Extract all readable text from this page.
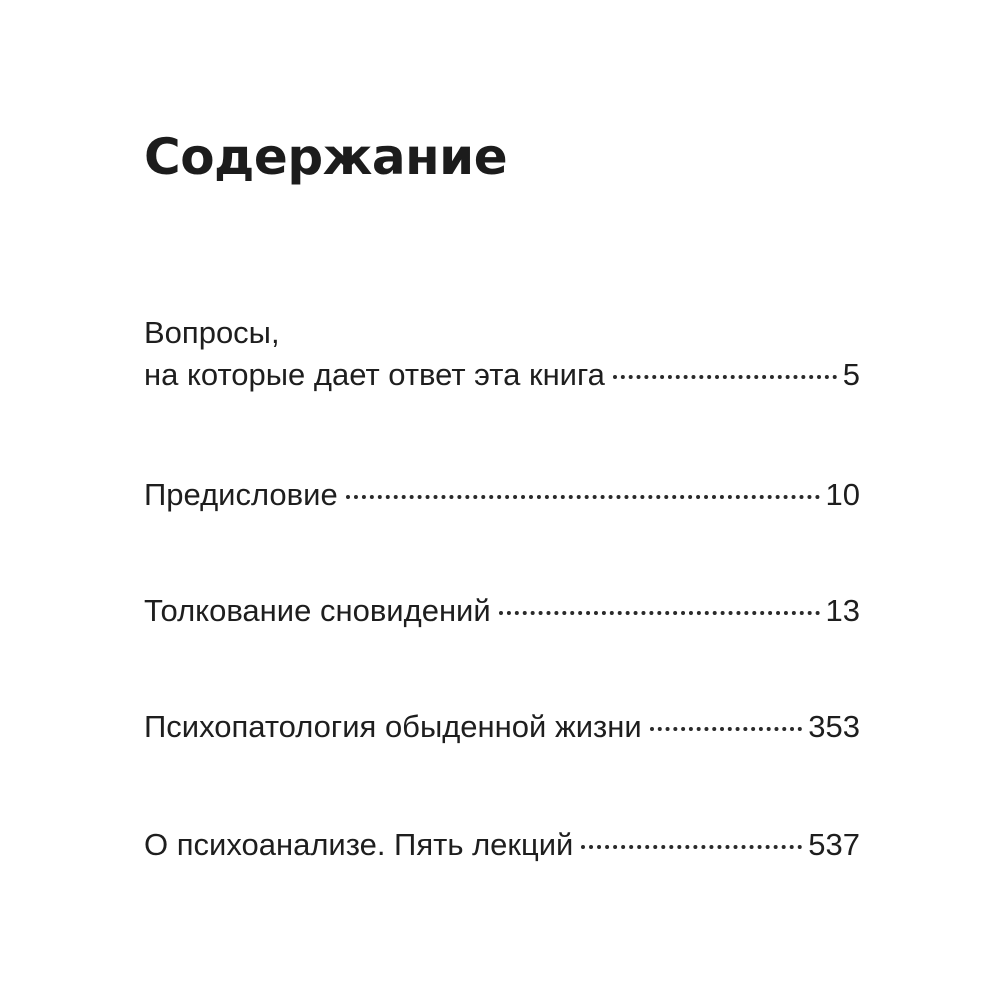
Содержание
Вопросы,
на которые дает ответ эта книга	5
Предисловие	10
Толкование сновидений	13
Психопатология обыденной жизни	353
О психоанализе. Пять лекций	537
